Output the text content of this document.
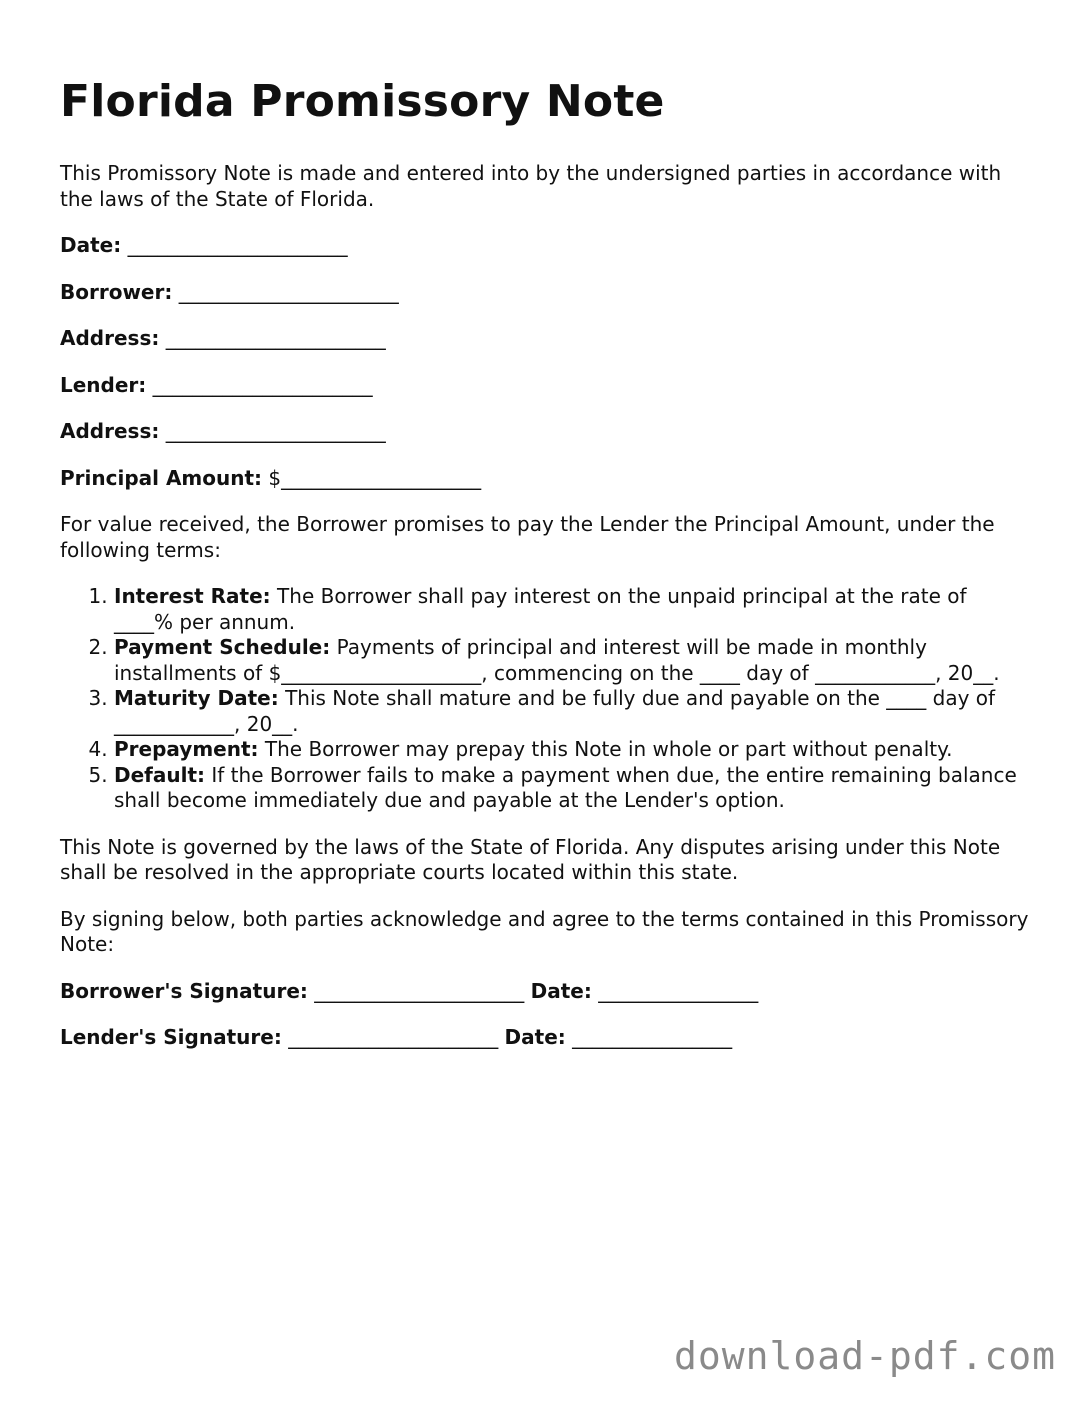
Florida Promissory Note

This Promissory Note is made and entered into by the undersigned parties in accordance with the laws of the State of Florida.

Date: ______________________
Borrower: ______________________
Address: ______________________
Lender: ______________________
Address: ______________________
Principal Amount: $____________________

For value received, the Borrower promises to pay the Lender the Principal Amount, under the following terms:

1. Interest Rate: The Borrower shall pay interest on the unpaid principal at the rate of ____% per annum.
2. Payment Schedule: Payments of principal and interest will be made in monthly installments of $____________________, commencing on the ____ day of ____________, 20__.
3. Maturity Date: This Note shall mature and be fully due and payable on the ____ day of ____________, 20__.
4. Prepayment: The Borrower may prepay this Note in whole or part without penalty.
5. Default: If the Borrower fails to make a payment when due, the entire remaining balance shall become immediately due and payable at the Lender's option.

This Note is governed by the laws of the State of Florida. Any disputes arising under this Note shall be resolved in the appropriate courts located within this state.

By signing below, both parties acknowledge and agree to the terms contained in this Promissory Note:

Borrower's Signature: _____________________ Date: ________________
Lender's Signature: _____________________ Date: ________________
download-pdf.com
